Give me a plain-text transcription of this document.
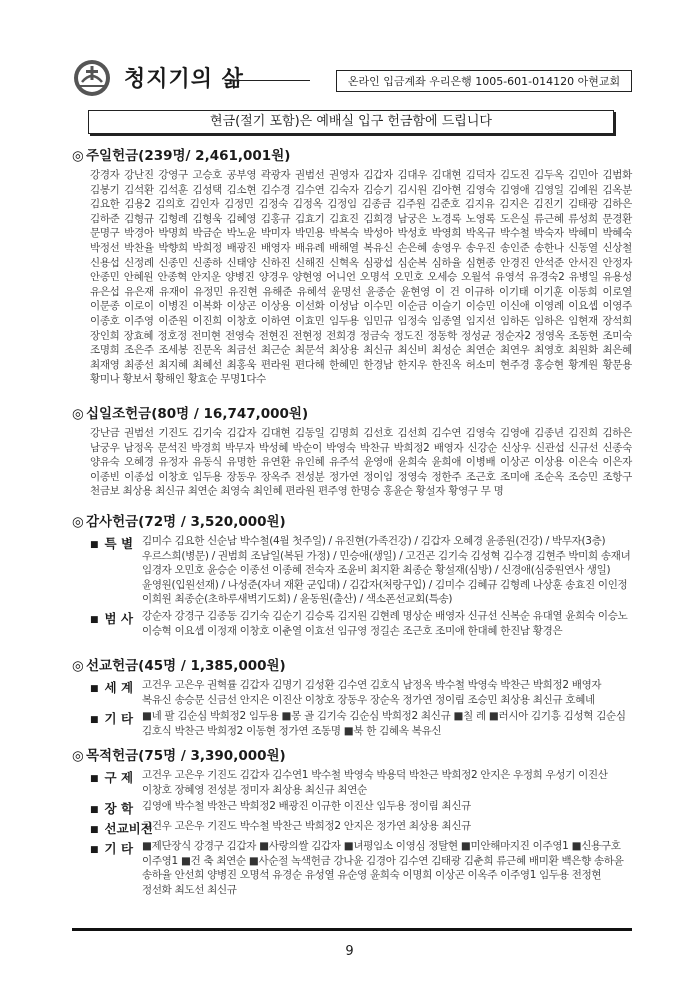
청지기의 삶	온라인 입금계좌 우리은행 1005-601-014120 아현교회
현금(절기 포함)은 예배실 입구 헌금함에 드립니다
◎ 주일헌금(239명/ 2,461,001원)
강경자 강난진 강영구 고승호 공부영 곽광자 권범선 권영자 김갑자 김대우 김대현 김덕자 김도진 김두옥 김민아 김범화 김봉기 김석환 김석훈 김성택 김소현 김수경 김수연 김숙자 김승기 김시원 김아현 김영숙 김영애 김영일 김예원 김옥분 김요한 김용2 김의호 김인자 김정민 김정숙 김정옥 김정임 김종금 김주원 김준호 김지유 김지은 김진기 김태광 김하은 김하준 김형규 김형례 김형욱 김혜영 김홍규 김효기 김효진 김희경 남궁은 노경록 노영록 도은실 류근혜 류성희 문경환 문명구 박경아 박명희 박금순 박노윤 박미자 박민용 박복숙 박성아 박성호 박영희 박옥규 박수철 박숙자 박혜미 박혜숙 박정선 박찬율 박향희 박희정 배광진 배영자 배유례 배해열 복유신 손은혜 송영우 송우진 송인준 송한나 신동열 신상철 신용섭 신정례 신종민 신종하 신태양 신하진 신해진 신혁옥 심광섭 심순복 심하율 심현종 안경진 안석준 안서진 안정자 안종민 안혜원 안종혁 안지운 양병진 양경우 양현영 어니언 오명석 오민호 오세승 오월석 유영석 유경숙2 유병일 유용성 유은섭 유은재 유재이 유정민 유진현 유해준 유혜석 윤명선 윤종순 윤현영 이 건 이규하 이기태 이기훈 이동희 이로열 이문종 이로이 이병진 이복화 이상곤 이상용 이선화 이성남 이수민 이순금 이슬기 이승민 이신애 이영례 이요셉 이영주 이종호 이주영 이준원 이진희 이창호 이하연 이효민 임두용 임민규 임정숙 임종열 임지선 임하돈 임하은 임현재 장석희 장인희 장효혜 정호정 전미현 전영숙 전현진 전현정 전희경 정금숙 정도진 정동학 정성균 정순자2 정영옥 조동현 조미숙 조명희 조은주 조세봉 진문옥 최금선 최근순 최문석 최상용 최신규 최신비 최성순 최연순 최연우 최영호 최원화 최은혜 최재영 최종선 최지혜 최혜선 최홍욱 편라원 편다해 한혜민 한경남 한지우 한진옥 허소미 현주경 홍승현 황계원 황문용 황미나 황보서 황해인 황효순 무명1다수
◎ 십일조헌금(80명 / 16,747,000원)
강난금 권범선 기진도 김기숙 김갑자 김대현 김동일 김명희 김선호 김선희 김수연 김영숙 김영애 김종년 김진희 김하은 남궁우 남정옥 문석진 박경희 박무자 박성혜 박순이 박영숙 박찬규 박희정2 배영자 신강순 신상우 신관섭 신규선 신종숙 양유숙 오혜경 유정자 유동식 유명한 유연환 유인혜 유주석 윤영애 윤희숙 윤희애 이병배 이상곤 이상용 이은숙 이은자 이종빈 이종섭 이창호 임두용 장동우 장옥주 전성분 정가연 정이임 정영숙 정한주 조근호 조미애 조순옥 조승민 조항구 천금보 최상용 최신규 최연순 최영숙 최인혜 편라원 편주영 한명승 홍윤순 황설자 황영구 무 명
◎ 감사헌금(72명 / 3,520,000원)
■ 특 별 김미수 김요한 신순남 박수철(4월 첫주일) / 유진현(가족건강) / 김갑자 오혜경 윤종원(건강) / 박무자(3층) 우르스희(병문) / 권범희 조남일(복된 가정) / 민승애(생일) / 고건곤 김기숙 김성혁 김수경 김현주 박미희 송재녀 임경자 오민호 윤승순 이종선 이종혜 전숙자 조윤비 최지환 최종순 황설재(심방) / 신경애(심중원연사 생일) 윤영원(입원선재) / 나성준(자녀 재환 군입대) / 김갑자(처랑구입) / 김미수 김혜규 김형례 나상훈 송효진 이인정 이희원 최종순(초하루새벽기도회) / 윤동원(출산) / 색소폰선교회(특송)
■ 범 사 강순자 강경구 김종동 김기숙 김순기 김승록 김지원 김현례 명상순 배영자 신규선 신복순 유대열 윤희숙 이승노 이승혁 이요셉 이정재 이창호 이춘열 이효선 임규영 정길손 조근호 조미애 한대혜 한진남 황경은
◎ 선교헌금(45명 / 1,385,000원)
■ 세 계 고건우 고은우 권혁률 김갑자 김명기 김성환 김수연 김호식 남정옥 박수철 박영숙 박찬근 박희정2 배영자 복유신 송승문 신금선 안지은 이진산 이창호 장동우 장순옥 정가연 정이림 조승민 최상용 최신규 호혜네
■ 기 타 ■네 팔 김순심 박희정2 임두용 ■몽 골 김기숙 김순심 박희정2 최신규 ■칠 레 ■러시아 김기흥 김성혁 김순심 김호식 박찬근 박희정2 이동현 정가연 조동명 ■북 한 김혜옥 복유신
◎ 목적헌금(75명 / 3,390,000원)
■ 구 제 고건우 고은우 기진도 김갑자 김수연1 박수철 박영숙 박용덕 박찬근 박희정2 안지은 우정희 우성기 이진산 이창호 장혜영 전성분 정미자 최상용 최신규 최연순
■ 장 학 김영애 박수철 박찬근 박희정2 배광진 이규한 이진산 임두용 정이림 최신규
■ 선교비전
고건우 고은우 기진도 박수철 박찬근 박희정2 안지은 정가연 최상용 최신규
■ 기 타 ■제단장식 강경구 김갑자 ■사랑의쌀 김갑자 ■녀평임소 이영심 정탈현 ■미안해마지진 이주영1 ■신용구호 이주영1 ■건 축 최연순 ■사순절 녹색헌금 강나윤 김경아 김수연 김태광 김춘희 류근혜 배미환 백은향 송하윤 송하율 안선희 양병진 오명석 유경순 유성열 유순영 윤희숙 이명희 이상곤 이옥주 이주영1 임두용 전정현 정선화 최도선 최신규
9
